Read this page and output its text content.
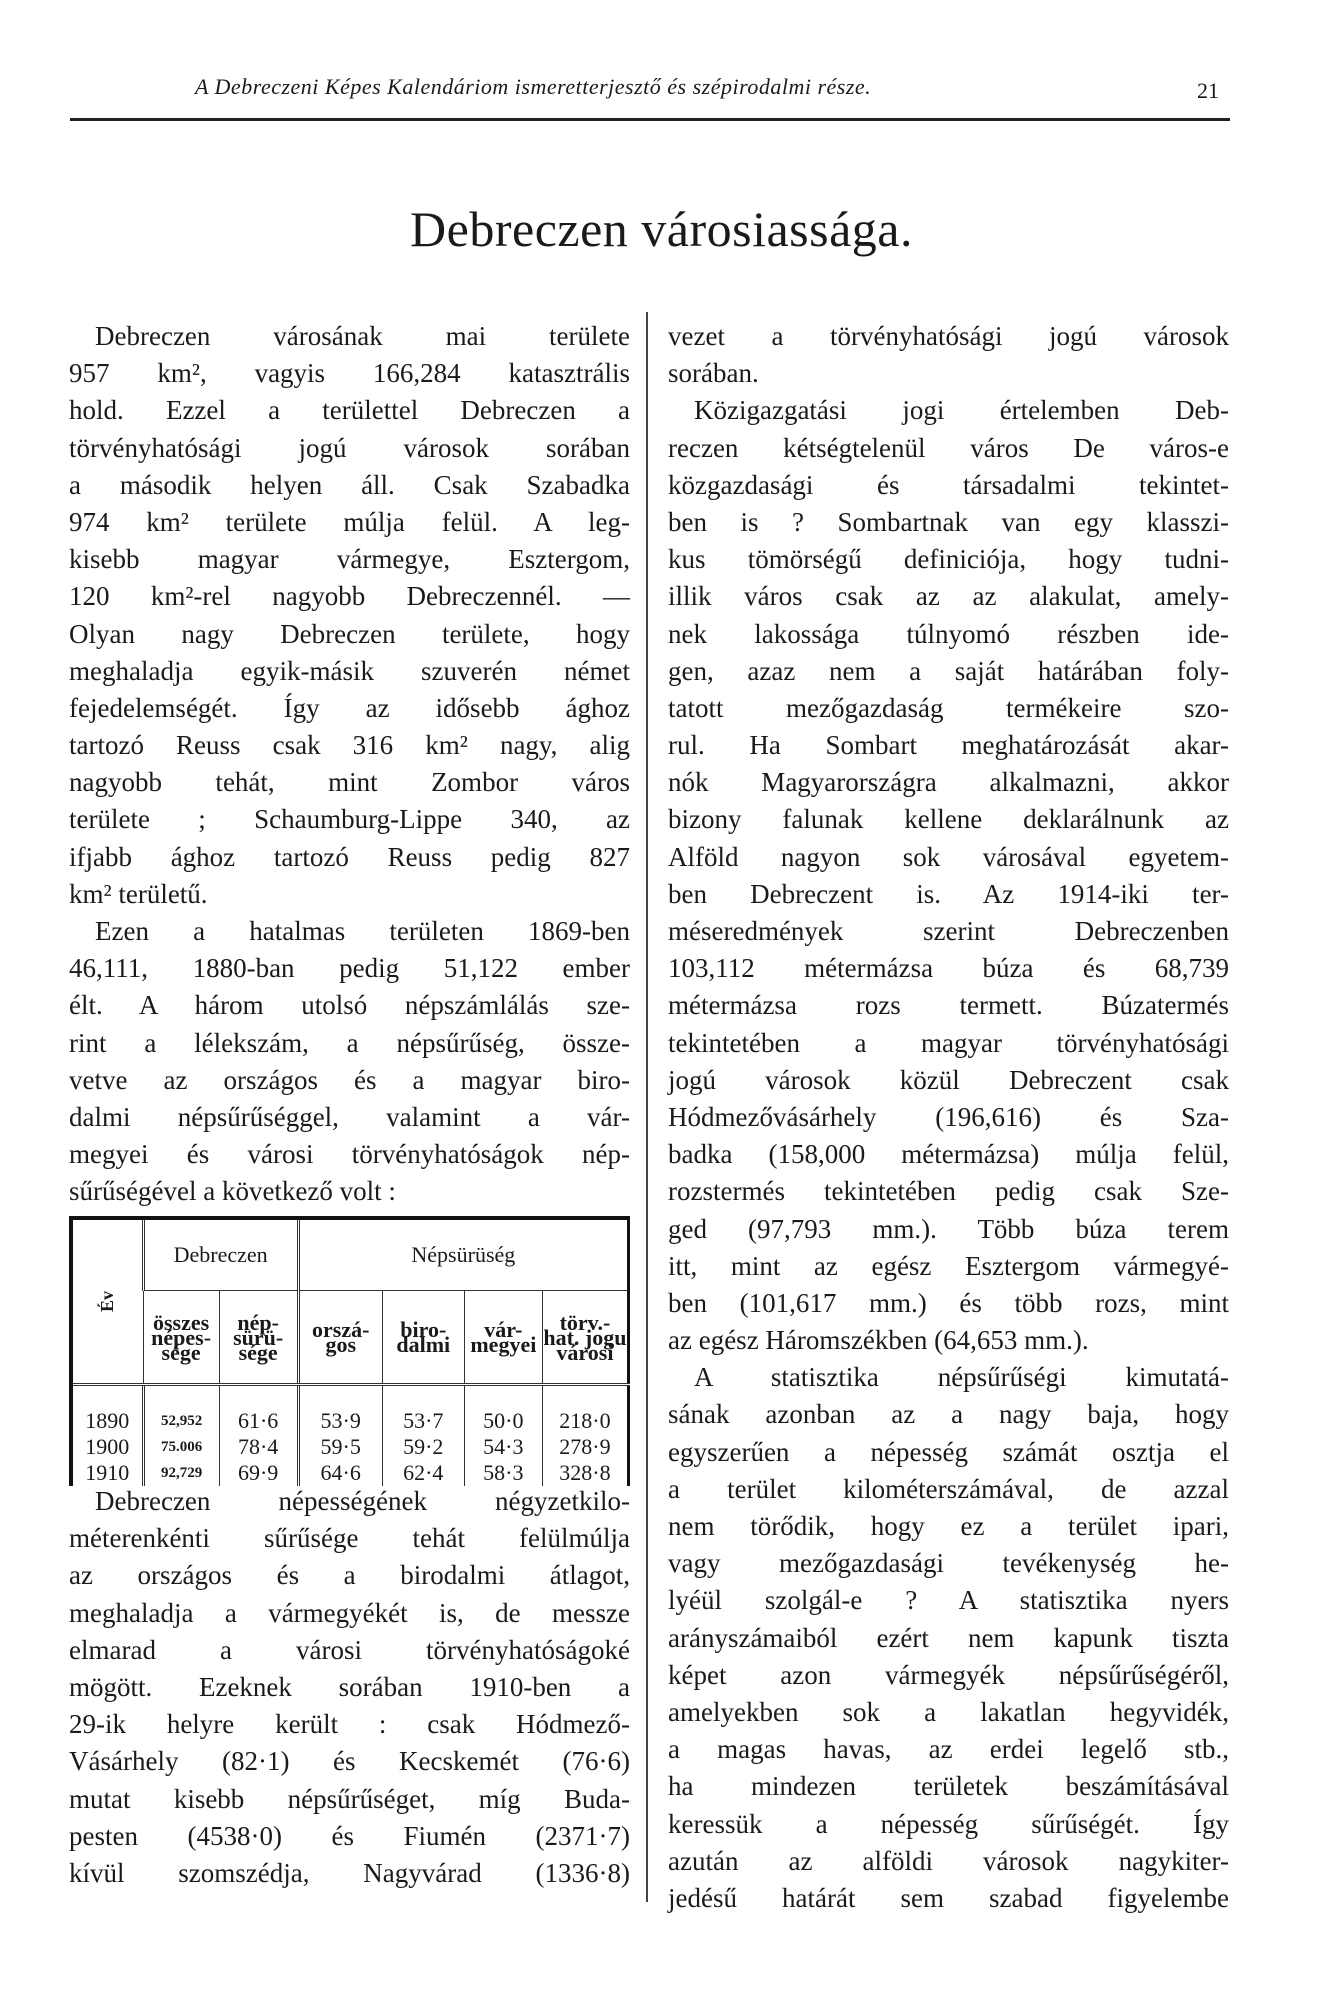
A Debreczeni Képes Kalendáriom ismeretterjesztő és szépirodalmi része.	21
Debreczen városiassága.
Debreczen városának mai területe
957 km², vagyis 166,284 katasztrális
hold. Ezzel a területtel Debreczen a
törvényhatósági jogú városok sorában
a második helyen áll. Csak Szabadka
974 km² területe múlja felül. A leg-
kisebb magyar vármegye, Esztergom,
120 km²-rel nagyobb Debreczennél. —
Olyan nagy Debreczen területe, hogy
meghaladja egyik-másik szuverén német
fejedelemségét. Így az idősebb ághoz
tartozó Reuss csak 316 km² nagy, alig
nagyobb tehát, mint Zombor város
területe ; Schaumburg-Lippe 340, az
ifjabb ághoz tartozó Reuss pedig 827
km² területű.
Ezen a hatalmas területen 1869-ben
46,111, 1880-ban pedig 51,122 ember
élt. A három utolsó népszámlálás sze-
rint a lélekszám, a népsűrűség, össze-
vetve az országos és a magyar biro-
dalmi népsűrűséggel, valamint a vár-
megyei és városi törvényhatóságok nép-
sűrűségével a következő volt :
Év	Debreczen		Népsürüség			
	összes népes-sége	nép-sürü-sége	orszá-gos	biro-dalmi	vár-megyei	törv.-hat. jogu városi
1890	52,952	61·6	53·9	53·7	50·0	218·0
1900	75.006	78·4	59·5	59·2	54·3	278·9
1910	92,729	69·9	64·6	62·4	58·3	328·8
Debreczen népességének négyzetkilo-
méterenkénti sűrűsége tehát felülmúlja
az országos és a birodalmi átlagot,
meghaladja a vármegyékét is, de messze
elmarad a városi törvényhatóságoké
mögött. Ezeknek sorában 1910-ben a
29-ik helyre került : csak Hódmező-
Vásárhely (82·1) és Kecskemét (76·6)
mutat kisebb népsűrűséget, míg Buda-
pesten (4538·0) és Fiumén (2371·7)
kívül szomszédja, Nagyvárad (1336·8)
vezet a törvényhatósági jogú városok
sorában.
Közigazgatási jogi értelemben Deb-
reczen kétségtelenül város De város-e
közgazdasági és társadalmi tekintet-
ben is ? Sombartnak van egy klasszi-
kus tömörségű definiciója, hogy tudni-
illik város csak az az alakulat, amely-
nek lakossága túlnyomó részben ide-
gen, azaz nem a saját határában foly-
tatott mezőgazdaság termékeire szo-
rul. Ha Sombart meghatározását akar-
nók Magyarországra alkalmazni, akkor
bizony falunak kellene deklarálnunk az
Alföld nagyon sok városával egyetem-
ben Debreczent is. Az 1914-iki ter-
méseredmények szerint Debreczenben
103,112 métermázsa búza és 68,739
métermázsa rozs termett. Búzatermés
tekintetében a magyar törvényhatósági
jogú városok közül Debreczent csak
Hódmezővásárhely (196,616) és Sza-
badka (158,000 métermázsa) múlja felül,
rozstermés tekintetében pedig csak Sze-
ged (97,793 mm.). Több búza terem
itt, mint az egész Esztergom vármegyé-
ben (101,617 mm.) és több rozs, mint
az egész Háromszékben (64,653 mm.).
A statisztika népsűrűségi kimutatá-
sának azonban az a nagy baja, hogy
egyszerűen a népesség számát osztja el
a terület kilométerszámával, de azzal
nem törődik, hogy ez a terület ipari,
vagy mezőgazdasági tevékenység he-
lyéül szolgál-e ? A statisztika nyers
arányszámaiból ezért nem kapunk tiszta
képet azon vármegyék népsűrűségéről,
amelyekben sok a lakatlan hegyvidék,
a magas havas, az erdei legelő stb.,
ha mindezen területek beszámításával
keressük a népesség sűrűségét. Így
azután az alföldi városok nagykiter-
jedésű határát sem szabad figyelembe
